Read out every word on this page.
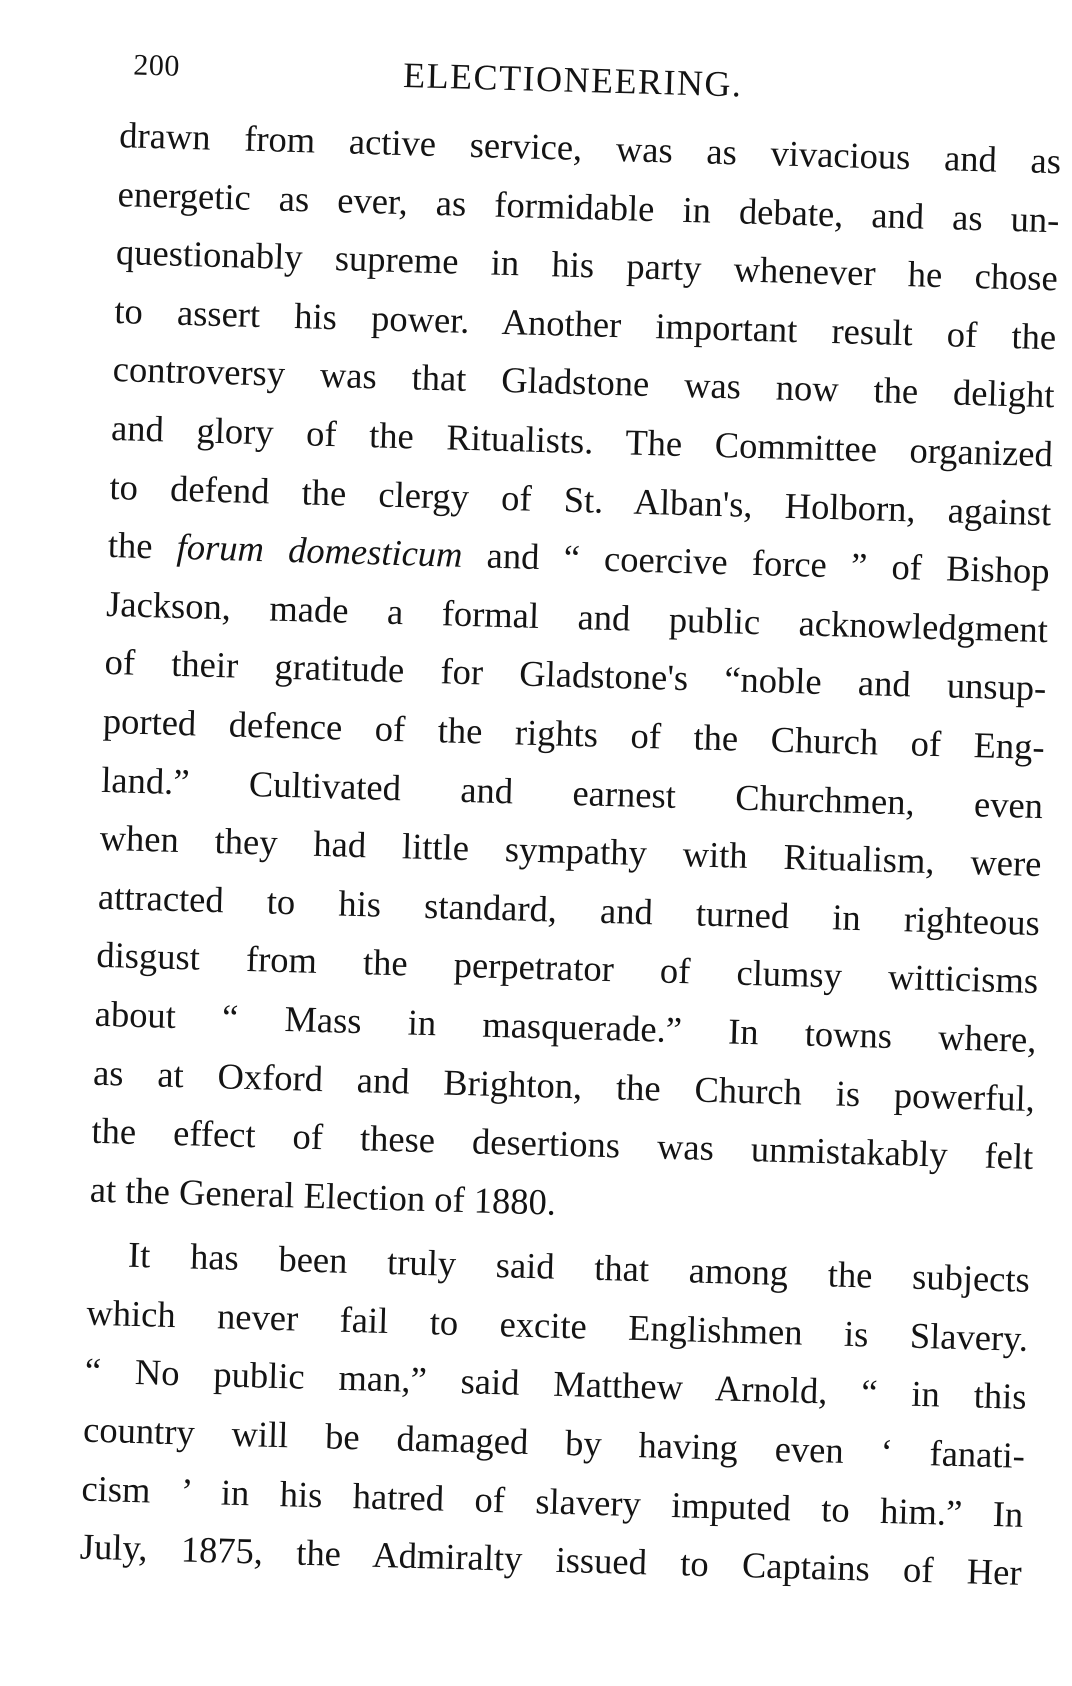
200	ELECTIONEERING.
drawn from active service, was as vivacious and as
energetic as ever, as formidable in debate, and as un-
questionably supreme in his party whenever he chose
to assert his power. Another important result of the
controversy was that Gladstone was now the delight
and glory of the Ritualists. The Committee organized
to defend the clergy of St. Alban's, Holborn, against
the forum domesticum and “ coercive force ” of Bishop
Jackson, made a formal and public acknowledgment
of their gratitude for Gladstone's “noble and unsup-
ported defence of the rights of the Church of Eng-
land.” Cultivated and earnest Churchmen, even
when they had little sympathy with Ritualism, were
attracted to his standard, and turned in righteous
disgust from the perpetrator of clumsy witticisms
about “ Mass in masquerade.” In towns where,
as at Oxford and Brighton, the Church is powerful,
the effect of these desertions was unmistakably felt
at the General Election of 1880.
It has been truly said that among the subjects
which never fail to excite Englishmen is Slavery.
“ No public man,” said Matthew Arnold, “ in this
country will be damaged by having even ‘ fanati-
cism ’ in his hatred of slavery imputed to him.” In
July, 1875, the Admiralty issued to Captains of Her
